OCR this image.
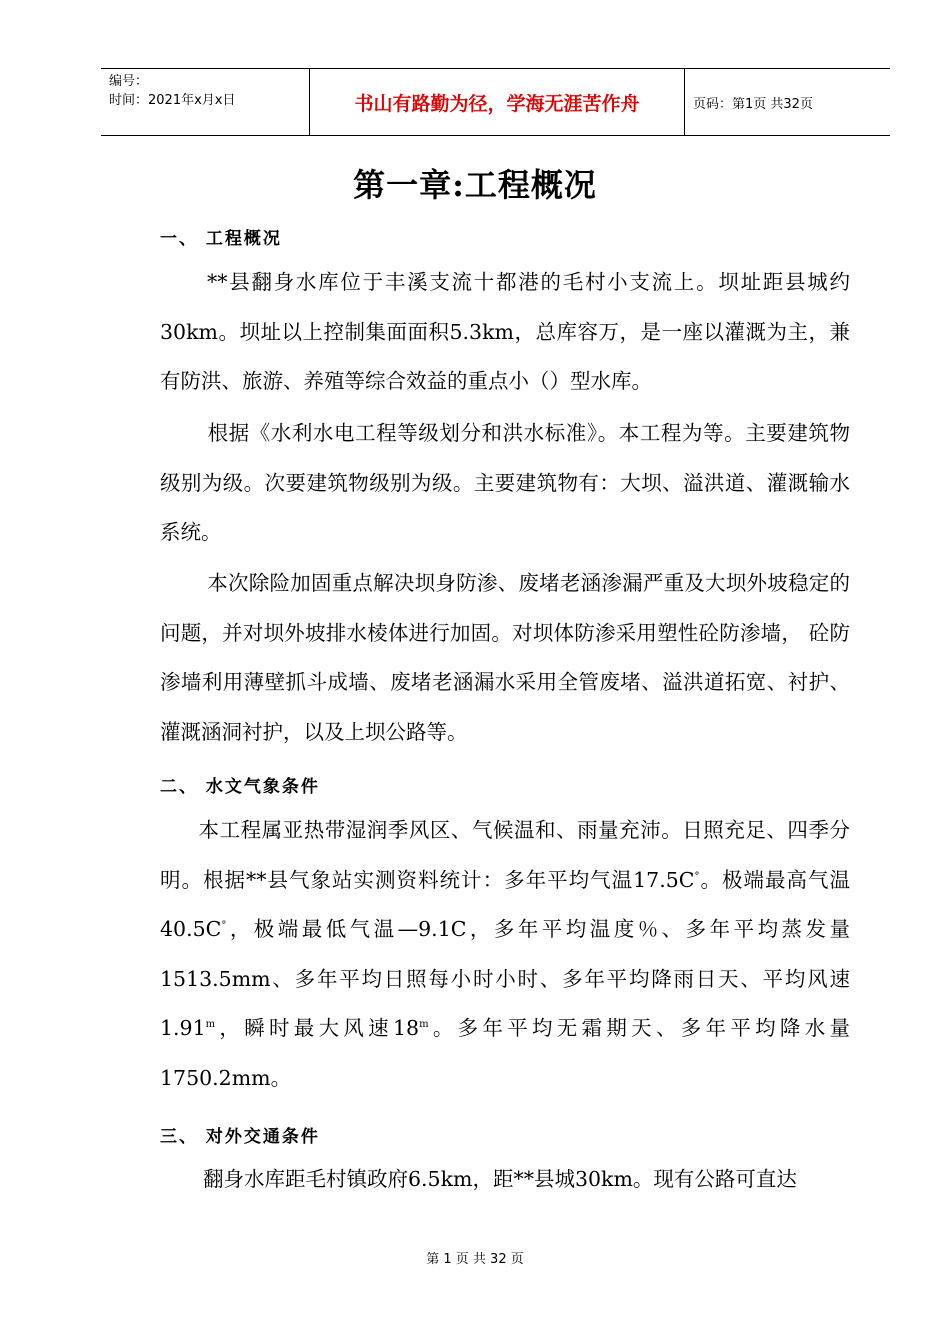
编号：
时间：2021年x月x日	书山有路勤为径，学海无涯苦作舟	页码：第1页 共32页
第一章:工程概况
一、 工程概况
**县翻身水库位于丰溪支流十都港的毛村小支流上。坝址距县城约30km。坝址以上控制集面面积5.3km，总库容万，是一座以灌溉为主，兼有防洪、旅游、养殖等综合效益的重点小（）型水库。
根据《水利水电工程等级划分和洪水标准》。本工程为等。主要建筑物级别为级。次要建筑物级别为级。主要建筑物有：大坝、溢洪道、灌溉输水系统。
本次除险加固重点解决坝身防渗、废堵老涵渗漏严重及大坝外坡稳定的问题，并对坝外坡排水棱体进行加固。对坝体防渗采用塑性砼防渗墙， 砼防渗墙利用薄壁抓斗成墙、废堵老涵漏水采用全管废堵、溢洪道拓宽、衬护、灌溉涵洞衬护，以及上坝公路等。
二、 水文气象条件
本工程属亚热带湿润季风区、气候温和、雨量充沛。日照充足、四季分明。根据**县气象站实测资料统计：多年平均气温17.5C°。极端最高气温40.5C°，极端最低气温—9.1C，多年平均温度％、多年平均蒸发量1513.5mm、多年平均日照每小时小时、多年平均降雨日天、平均风速1.91$^m$，瞬时最大风速18$^m$。多年平均无霜期天、多年平均降水量1750.2mm。
三、 对外交通条件
翻身水库距毛村镇政府6.5km，距**县城30km。现有公路可直达
第 1 页 共 32 页
